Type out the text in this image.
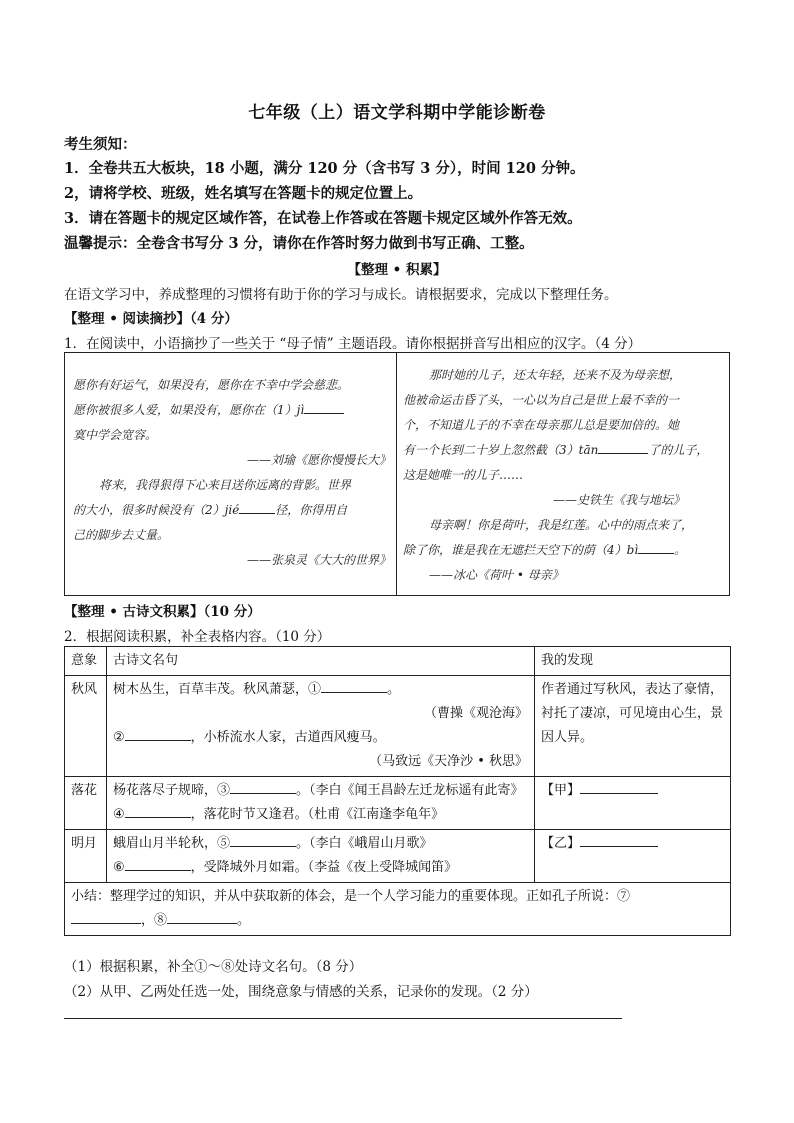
七年级（上）语文学科期中学能诊断卷
考生须知：
1．全卷共五大板块，18 小题，满分 120 分（含书写 3 分），时间 120 分钟。
2，请将学校、班级，姓名填写在答题卡的规定位置上。
3．请在答题卡的规定区域作答，在试卷上作答或在答题卡规定区域外作答无效。
温馨提示：全卷含书写分 3 分，请你在作答时努力做到书写正确、工整。
【整理 • 积累】
在语文学习中，养成整理的习惯将有助于你的学习与成长。请根据要求，完成以下整理任务。
【整理 • 阅读摘抄】（4 分）
1．在阅读中，小语摘抄了一些关于 “母子情” 主题语段。请你根据拼音写出相应的汉字。（4 分）

愿你有好运气，如果没有，愿你在不幸中学会慈悲。

愿你被很多人爱，如果没有，愿你在（1）jì

寞中学会宽容。

——刘瑜《愿你慢慢长大》

将来，我得狠得下心来目送你远离的背影。世界

的大小，很多时候没有（2）jié	径，你得用自

己的脚步去丈量。

——张泉灵《大大的世界》

那时她的儿子，还太年轻，还来不及为母亲想，

他被命运击昏了头，一心以为自己是世上最不幸的一

个，不知道儿子的不幸在母亲那儿总是要加倍的。她

有一个长到二十岁上忽然截（3）tān	了的儿子，

这是她唯一的儿子……

——史铁生《我与地坛》

母亲啊！你是荷叶，我是红莲。心中的雨点来了，

除了你，谁是我在无遮拦天空下的荫（4）bì	。

——冰心《荷叶 • 母亲》

【整理 • 古诗文积累】（10 分）
2．根据阅读积累，补全表格内容。（10 分）
意象	古诗文名句	我的发现
秋风	树木丛生，百草丰茂。秋风萧瑟，① 。
（曹操《观沧海》
② ，小桥流水人家，古道西风瘦马。
（马致远《天净沙 • 秋思》	作者通过写秋风，表达了豪情，衬托了凄凉，可见境由心生，景因人异。
落花	杨花落尽子规啼，③ 。（李白《闻王昌龄左迁龙标遥有此寄》
④ ，落花时节又逢君。（杜甫《江南逢李龟年》	【甲】
明月	蛾眉山月半轮秋，⑤ 。（李白《峨眉山月歌》
⑥ ，受降城外月如霜。（李益《夜上受降城闻笛》	【乙】
小结：整理学过的知识，并从中获取新的体会，是一个人学习能力的重要体现。正如孔子所说：⑦
，⑧ 。		
（1）根据积累，补全①～⑧处诗文名句。（8 分）
（2）从甲、乙两处任选一处，围绕意象与情感的关系，记录你的发现。（2 分）
